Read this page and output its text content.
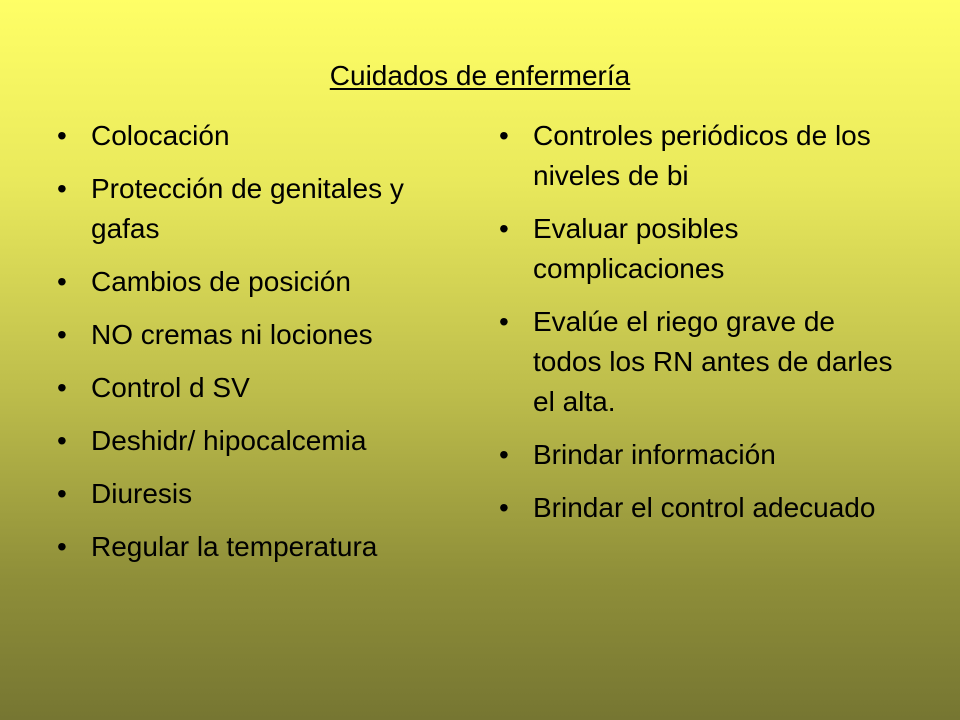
Cuidados de enfermería
• Colocación
• Protección de genitales y gafas
• Cambios de posición
• NO cremas ni lociones
• Control d SV
• Deshidr/ hipocalcemia
• Diuresis
• Regular la temperatura
• Controles periódicos de los niveles de bi
• Evaluar posibles complicaciones
• Evalúe el riego grave de todos los RN antes de darles el alta.
• Brindar información
• Brindar el control adecuado
